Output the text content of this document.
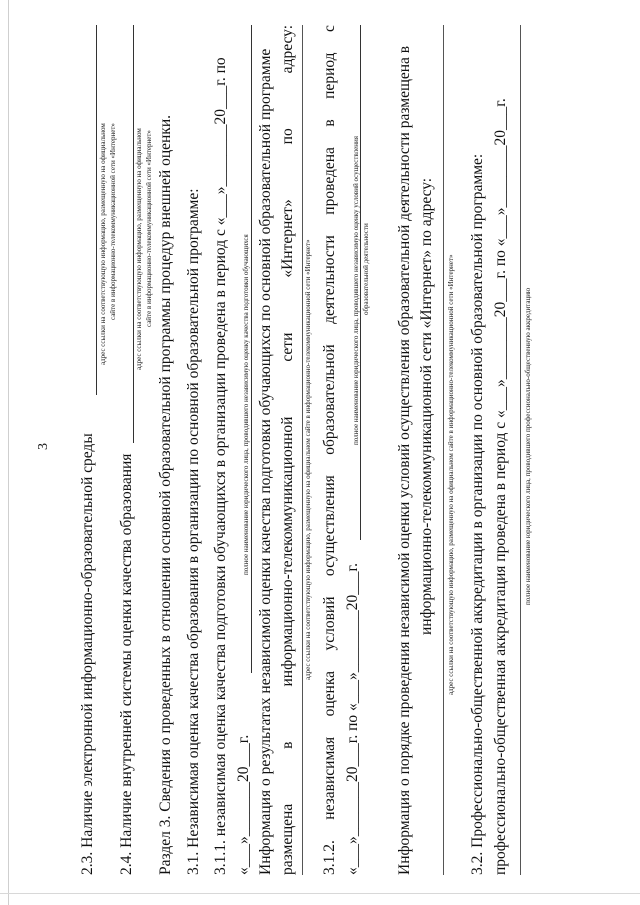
3 2.3. Наличие электронной информационно-образовательной среды
адрес ссылки на соответствующую информацию, размещенную на официальном сайте в информационно-телекоммуникационной сети «Интернет»
2.4. Наличие внутренней системы оценки качества образования
адрес ссылки на соответствующую информацию, размещенную на официальном сайте в информационно-телекоммуникационной сети «Интернет» Раздел 3. Сведения о проведенных в отношении основной образовательной программы процедур внешней оценки. 3.1. Независимая оценка качества образования в организации по основной образовательной программе: 3.1.1. независимая оценка качества подготовки обучающихся в организации проведена в период с «___»________20___г. по «___»_______20___г.
полное наименование юридического лица, проводившего независимую оценку качества подготовки обучающихся Информация о результатах независимой оценки качества подготовки обучающихся по основной образовательной программе размещена
в
информационно-телекоммуникационной
сети
«Интернет»
по
адресу:
адрес ссылки на соответствующую информацию, размещенную на официальном сайте в информационно-телекоммуникационной сети «Интернет»
3.1.2.
независимая
оценка
условий
осуществления
образовательной
деятельности
проведена
в
период
с
«___»_______20___г. по «___»________20___г.
полное наименование юридического лица, проводившего независимую оценку условий осуществления образовательной деятельности Информация о порядке проведения независимой оценки условий осуществления образовательной деятельности размещена в информационно-телекоммуникационной сети «Интернет» по адресу: адрес ссылки на соответствующую информацию, размещенную на официальном сайте в информационно-телекоммуникационной сети «Интернет» 3.2. Профессионально-общественной аккредитации в организации по основной образовательной программе: профессионально-общественная аккредитация проведена в период с «___»________20___г. по «___»________20___г. полное наименование юридического лица, проводившего профессионально-общественную аккредитацию
